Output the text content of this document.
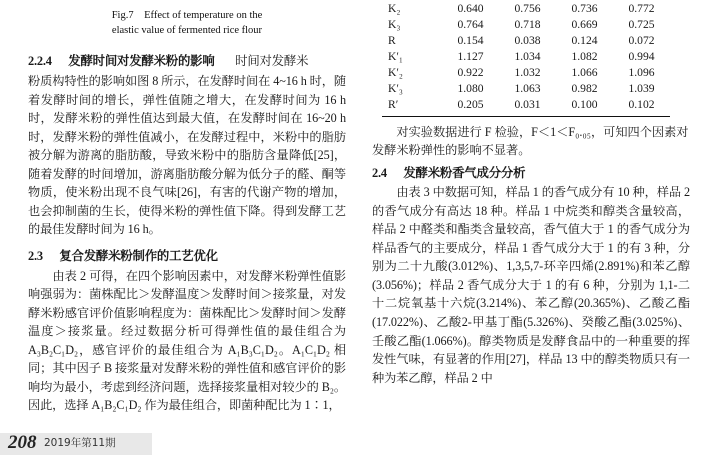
Fig.7 Effect of temperature on the
elastic value of fermented rice flour
2.2.4 发酵时间对发酵米粉的影响 时间对发酵米

粉质构特性的影响如图 8 所示，在发酵时间在 4~16 h 时，随着发酵时间的增长，弹性值随之增大，在发酵时间为 16 h 时，发酵米粉的弹性值达到最大值，在发酵时间在 16~20 h 时，发酵米粉的弹性值减小，在发酵过程中，米粉中的脂肪被分解为游离的脂肪酸，导致米粉中的脂肪含量降低[25]，随着发酵的时间增加，游离脂肪酸分解为低分子的醛、酮等物质，使米粉出现不良气味[26]，有害的代谢产物的增加，也会抑制菌的生长，使得米粉的弹性值下降。得到发酵工艺的最佳发酵时间为 16 h。

2.3 复合发酵米粉制作的工艺优化

由表 2 可得，在四个影响因素中，对发酵米粉弹性值影响强弱为：菌株配比＞发酵温度＞发酵时间＞接浆量，对发酵米粉感官评价值影响程度为：菌株配比＞发酵时间＞发酵温度＞接浆量。经过数据分析可得弹性值的最佳组合为 A₃B₂C₁D₂，感官评价的最佳组合为 A₁B₃C₁D₂。A₁C₁D₂ 相同；其中因子 B 接浆量对发酵米粉的弹性值和感官评价的影响均为最小，考虑到经济问题，选择接浆量相对较少的 B₂。因此，选择 A₁B₂C₁D₂ 作为最佳组合，即菌种配比为 1∶1，

K₂	0.640	0.756	0.736	0.772
K₃	0.764	0.718	0.669	0.725
R	0.154	0.038	0.124	0.072
K′₁	1.127	1.034	1.082	0.994
K′₂	0.922	1.032	1.066	1.096
K′₃	1.080	1.063	0.982	1.039
R′	0.205	0.031	0.100	0.102

对实验数据进行 F 检验，F＜1＜F₀.₀₅，可知四个因素对发酵米粉弹性的影响不显著。

2.4 发酵米粉香气成分分析

由表 3 中数据可知，样品 1 的香气成分有 10 种，样品 2 的香气成分有高达 18 种。样品 1 中烷类和醇类含量较高，样品 2 中醛类和酯类含量较高，香气值大于 1 的香气成分为样品香气的主要成分，样品 1 香气成分大于 1 的有 3 种，分别为二十九酸(3.012%)、1,3,5,7-环辛四烯(2.891%)和苯乙醇(3.056%)；样品 2 香气成分大于 1 的有 6 种，分别为 1,1-二十二烷氧基十六烷(3.214%)、苯乙醇(20.365%)、乙酸乙酯(17.022%)、乙酸2-甲基丁酯(5.326%)、癸酸乙酯(3.025%)、壬酸乙酯(1.066%)。醇类物质是发酵食品中的一种重要的挥发性气味，有显著的作用[27]，样品 13 中的醇类物质只有一种为苯乙醇，样品 2 中

208 2019年第11期
